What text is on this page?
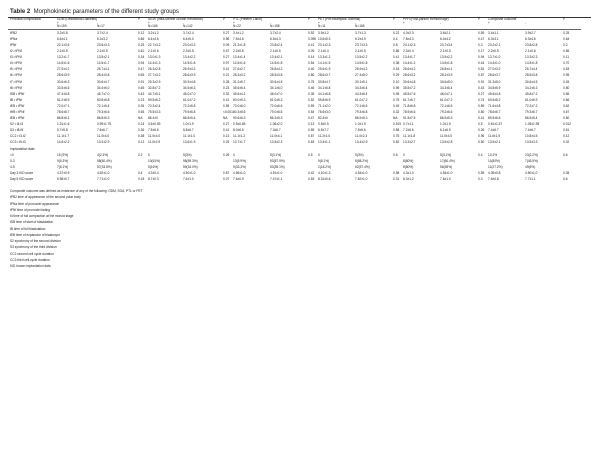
Table 2 Morphokinetic parameters of the different study groups
Perinatal complication	GDM (Gestational Diabetes)		P	IUGR (Intra-uterine Growth Restriction)		P	PTL (Preterm Labor)		P	PET (Pre-eclampsia Toxemia)		P	PPH (Post-partum Hemorrhage)		P	Composite outcome		P	
	+	-		+	-		+	-		+	-		+	-		+	-		
	N=159	N=17		N=166	N=142		N=22	N=158		N=11	N=165								
tPB2	3.2±0.8	3.7±2.4	0.12	3.2±1.2	3.7±2.4	0.27	3.4±1.2	3.7±2.4	0.52	3.5±1.2	3.7±1.3	0.22	4.0±2.3	3.6±2.1	0.59	3.4±1.1	3.9±2.7	0.25	
tPNa	6.6±4.1	6.3±3.2	0.86	6.4±4.6	6.4±5.0	0.56	7.5±4.6	6.5±4.3	0.096	10.6±5.3	6.2±4.9	0.4	7.8±4.3	6.4±4.2	0.47	6.3±3.1	6.3±4.6	0.64	
tPNf	22.1±3.5	23.6±3.3	0.25	22.7±3.2	23.0±3.3	0.09	21.3±1.8	23.8±2.4	0.41	23.1±2.3	23.7±3.3	0.8	24.1±2.3	23.7±3.4	0.3	23.2±2.1	23.8±2.8	0.2	
t2 • tPNf	2.1±0.5	2.1±0.5	0.40	2.1±0.6	2.3±0.5	0.67	2.2±0.5	2.1±0.5	0.09	2.1±0.4	2.1±0.5	0.86	2.3±0.4	2.1±0.5	0.17	2.2±0.5	2.1±0.6	0.56	
t3 • tPNf	13.2±1.7	13.5±2.1	0.34	13.0±1.3	13.4±2.2	0.27	13.4±1.4	13.4±2.1	0.14	13.3±1.2	13.5±2.2	0.41	13.4±1.7	13.5±2.2	0.94	13.7±1.0	13.3±2.3	0.11	
t4 • tPNf	14.5±1.6	14.5±1.7	0.94	14.4±1.3	14.5±1.8	0.97	14.5±1.6	14.5±1.8	0.54	14.1±1.5	14.5±1.8	0.38	14.4±1.2	14.5±1.8	0.44	14.4±1.0	14.5±1.8	0.70	
t5 • tPNf	27.5±4.2	26.7±4.1	0.47	26.3±2.8	26.9±4.2	0.41	27.6±2.7	26.8±4.2	0.40	25.6±1.9	26.9±4.2	0.18	26.6±4.2	26.8±4.1	0.81	27.0±3.2	26.7±4.4	0.63	
t6 • tPNf	28.6±3.9	28.4±3.8	0.65	27.7±3.2	28.6±3.9	0.21	28.3±3.2	28.5±3.8	0.80	28.6±3.7	27.4±5.0	0.29	28.6±3.2	28.2±3.9	0.87	28.6±3.7	28.5±3.8	0.95	
t7 • tPNf	30.6±6.3	30.6±4.7	0.91	29.3±2.9	30.9±4.8	0.28	31.2±5.7	30.6±4.5	0.75	30.8±4.7	30.1±5.1	0.10	30.6±4.8	30.6±5.0	0.91	31.3±5.0	30.6±4.5	0.45	
t8 • tPNf	33.5±6.6	34.4±6.0	0.65	32.8±7.2	34.5±6.3	0.23	35.6±6.4	34.1±6.0	0.46	34.1±6.8	34.3±6.4	0.95	35.5±7.2	34.3±6.4	0.43	34.5±6.9	34.2±6.3	0.80	
tSB • tPNf	47.4±5.8	45.7±7.0	0.43	44.7±5.1	46.0±7.0	0.32	45.6±4.2	46.0±7.0	0.35	44.1±6.8	44.3±6.4	0.95	45.5±7.6	46.0±7.1	0.27	45.6±4.8	45.8±7.2	0.56	
tB • tPNf	61.2±8.9	60.8±6.8	0.23	59.5±6.2	61.0±7.2	0.41	60.0±9.3	61.0±6.3	0.52	59.8±6.9	61.0±7.2	0.75	61.7±6.7	61.0±7.2	0.74	60.5±8.2	61.0±6.9	0.66	
tEB • tPNf	72.0±7.1	72.1±6.4	0.36	70.3±2.4	72.2±6.8	0.55	73.0±6.0	72.0±6.6	0.59	71.1±2.0	72.1±6.6	0.49	71.8±6.8	72.1±6.5	0.89	71.6±4.8	72.2±7.2	0.62	
tHB • tPNf	78.6±8.7	79.3±6.6	0.65	75.5±3.3	79.5±6.8	<0.001	80.3±5.6	79.0±6.6	0.54	76.6±3.0	79.3±6.8	0.32	78.9±6.6	79.2±6.6	0.80	78.6±6.7	79.3±6.7	0.67	
tEB • tPNf	86.8±6.1	86.8±5.3	NA	86.4±0	86.8±5.4	NA	90.6±6.3	86.3±5.3	0.47	82.4±0	86.9±5.3	NA	91.5±7.5	86.5±5.3	0.41	89.5±6.6	86.5±5.4	0.50	
S2 • t4-t3	1.31±1.6	0.99±1.75	0.24	0.6±0.59	1.0±1.9	0.27	0.5±0.65	1.06±2.0	0.13	0.8±0.5	1.0±1.9	0.519	0.7±1.1	1.0±1.9	0.5	0.61±1.57	1.05±1.95	0.012	
S3 • t8-t5	5.7±5.8	7.6±6.7	0.36	7.5±6.6	5.8±6.7	0.41	8.0±6.6	7.3±6.7	0.59	6.5±7.7	7.5±6.6	0.58	7.2±6.6	6.1±6.5	0.26	7.4±6.7	7.4±6.7	0.61	
CC2 • t3-t2	11.1±1.7	11.0±4.0	0.38	11.0±4.0	11.1±1.0	0.13	11.1±1.2	11.0±4.1	0.87	11.2±1.0	11.0±2.3	0.75	11.1±1.8	11.0±4.0	0.96	11.6±1.9	10.8±4.5	0.12	
CC3 • t5-t3	14.6±2.2	13.4±2.9	0.13	11.0±2.9	13.6±1.9	0.25	13.7±1.7	13.5±2.3	0.63	13.4±1.1	13.4±2.9	0.82	13.3±2.7	13.5±2.8	0.50	13.5±2.1	13.5±3.3	0.32	
Implantation data																			
<0	15 (9%)	4(2.3%)	0.2	0	5(3%)	0.26	0	5(3.1%)	0.5	0	5(3%)	0.6	0	5(3.1%)	0.4	10.2%	23(2.2%)	0.6	
0-3	9(5.3%)	98(60.4%)		10(61%)	98(59.3%)		13(5.9%)	93(57.9%)		9(8.1%)	9(58.2%)		8(80%)	17(60.4%)		11(80%)	7(45.5%)		
4-5	7(6.1%)	57(33.5%)		5(16%)	59(34.0%)		9(33.3%)	53(35.1%)		2(18.2%)	62(37.4%)		8(80%)	56(35%)		11(27.2%)	49(6%)		
Day 3 KID score	4.37±0.9	4.52±1.0	0.4	4.3±0.4	4.50±1.0	0.87	4.65±1.0	4.51±1.0	0.42	4.10±1.3	4.54±1.0	0.58	4.3±1.0	4.54±1.0	0.59	4.39±0.8	4.50±1.0	0.35	
Day 5 KID score	6.98±0.7	7.71±1.0	0.18	8.7±0.3	7.6±1.0	0.07	7.6±0.9	7.47±1.1	0.53	8.31±0.6	7.62±1.0	0.31	8.3±1.2	7.6±1.0	0.3	7.6±0.8	7.7±1.1	0.6	
Composite outcome was defined as existence of any of the following: GDM, SGA, PTL or PET
tPB2 time of appearance of the second polar body
tPNa time of pronuclei appearance
tPNf time of pronuclei fading
t4 time of full compaction at the morula stage
tSB time of start of blastulation
tB time of full blastulation
tEB time of expansion of blastocyst
S2 synchrony of the second division
S3 synchrony of the third division
CC2 second cell cycle duration
CC3 third cell cycle duration
KID known implantation data
